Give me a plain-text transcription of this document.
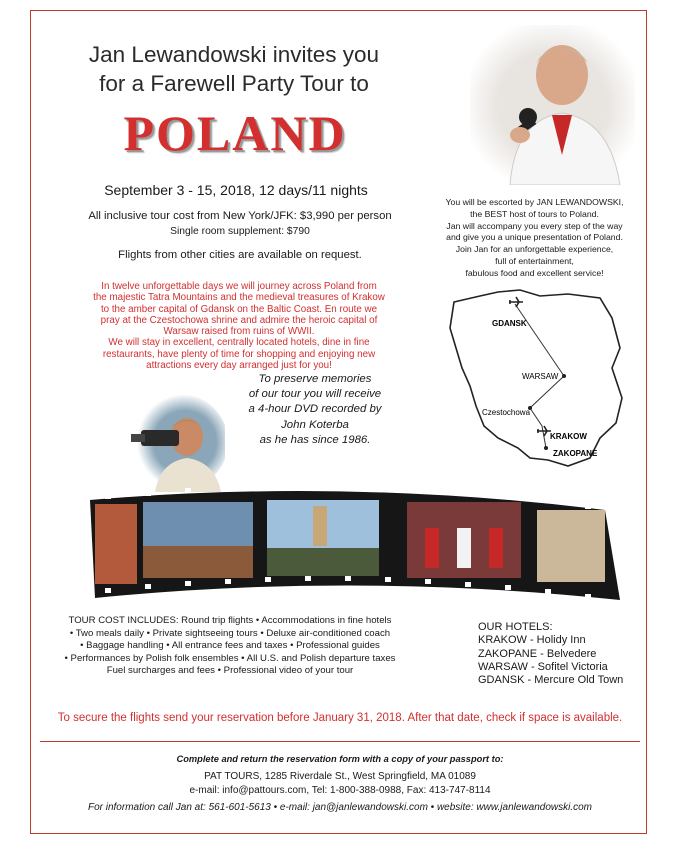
Jan Lewandowski invites you
for a Farewell Party Tour to
POLAND
September 3 - 15, 2018, 12 days/11 nights
All inclusive tour cost from New York/JFK: $3,990 per person
Single room supplement: $790
Flights from other cities are available on request.

In twelve unforgettable days we will journey across Poland from

the majestic Tatra Mountains and the medieval treasures of Krakow

to the amber capital of Gdansk on the Baltic Coast. En route we

pray at the Czestochowa shrine and admire the heroic capital of

Warsaw raised from ruins of WWII.

We will stay in excellent, centrally located hotels, dine in fine

restaurants, have plenty of time for shopping and enjoying new

attractions every day arranged just for you!

You will be escorted by JAN LEWANDOWSKI,

the BEST host of tours to Poland.

Jan will accompany you every step of the way

and give you a unique presentation of Poland.

Join Jan for an unforgettable experience,

full of entertainment,

fabulous food and excellent service!

GDANSK
WARSAW
Czestochowa
KRAKOW
ZAKOPANE

To preserve memories

of our tour you will receive

a 4-hour DVD recorded by

John Koterba

as he has since 1986.

TOUR COST INCLUDES: Round trip flights • Accommodations in fine hotels

• Two meals daily • Private sightseeing tours • Deluxe air-conditioned coach

• Baggage handling • All entrance fees and taxes • Professional guides

• Performances by Polish folk ensembles • All U.S. and Polish departure taxes

Fuel surcharges and fees • Professional video of your tour

OUR HOTELS:

KRAKOW - Holidy Inn

ZAKOPANE - Belvedere

WARSAW - Sofitel Victoria

GDANSK - Mercure Old Town

To secure the flights send your reservation before January 31, 2018. After that date, check if space is available.
Complete and return the reservation form with a copy of your passport to:

PAT TOURS, 1285 Riverdale St., West Springfield, MA 01089

e-mail: info@pattours.com, Tel: 1-800-388-0988, Fax: 413-747-8114

For information call Jan at: 561-601-5613 • e-mail: jan@janlewandowski.com • website: www.janlewandowski.com
